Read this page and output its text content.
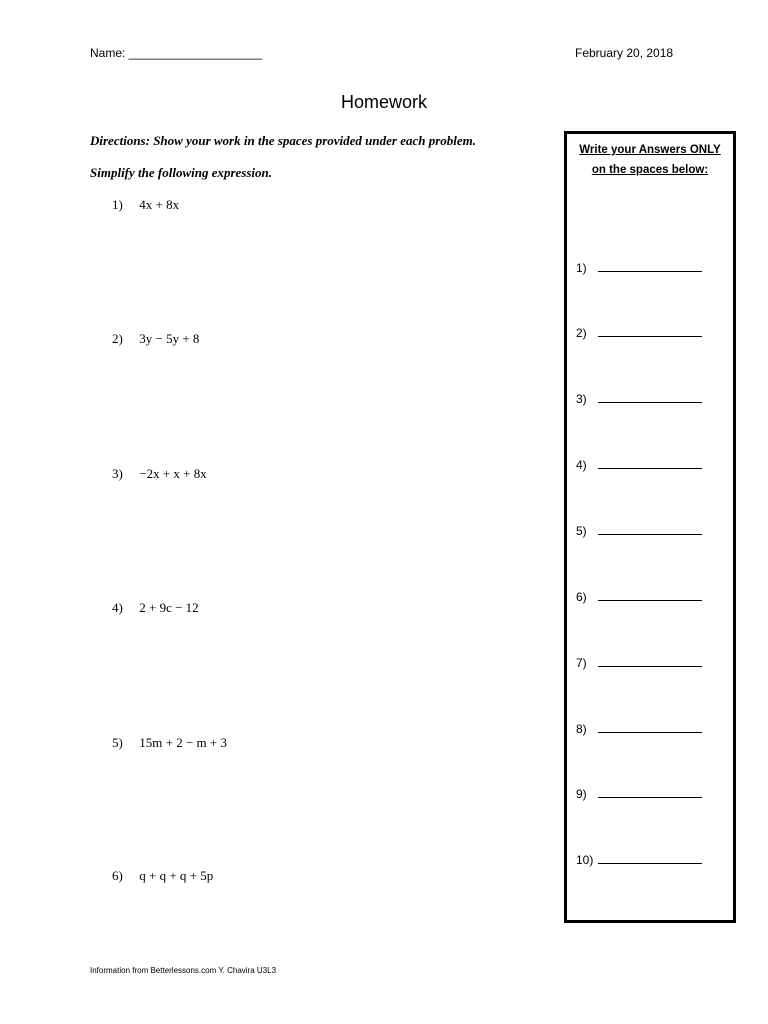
Name: ____________________	February 20, 2018
Homework
Directions: Show your work in the spaces provided under each problem.
Simplify the following expression.
1) 4x + 8x
2) 3y − 5y + 8
3) −2x + x + 8x
4) 2 + 9c − 12
5) 15m + 2 − m + 3
6) q + q + q + 5p
Write your Answers ONLY
on the spaces below:
1)
2)
3)
4)
5)
6)
7)
8)
9)
10)
Information from Betterlessons.com Y. Chavira U3L3
